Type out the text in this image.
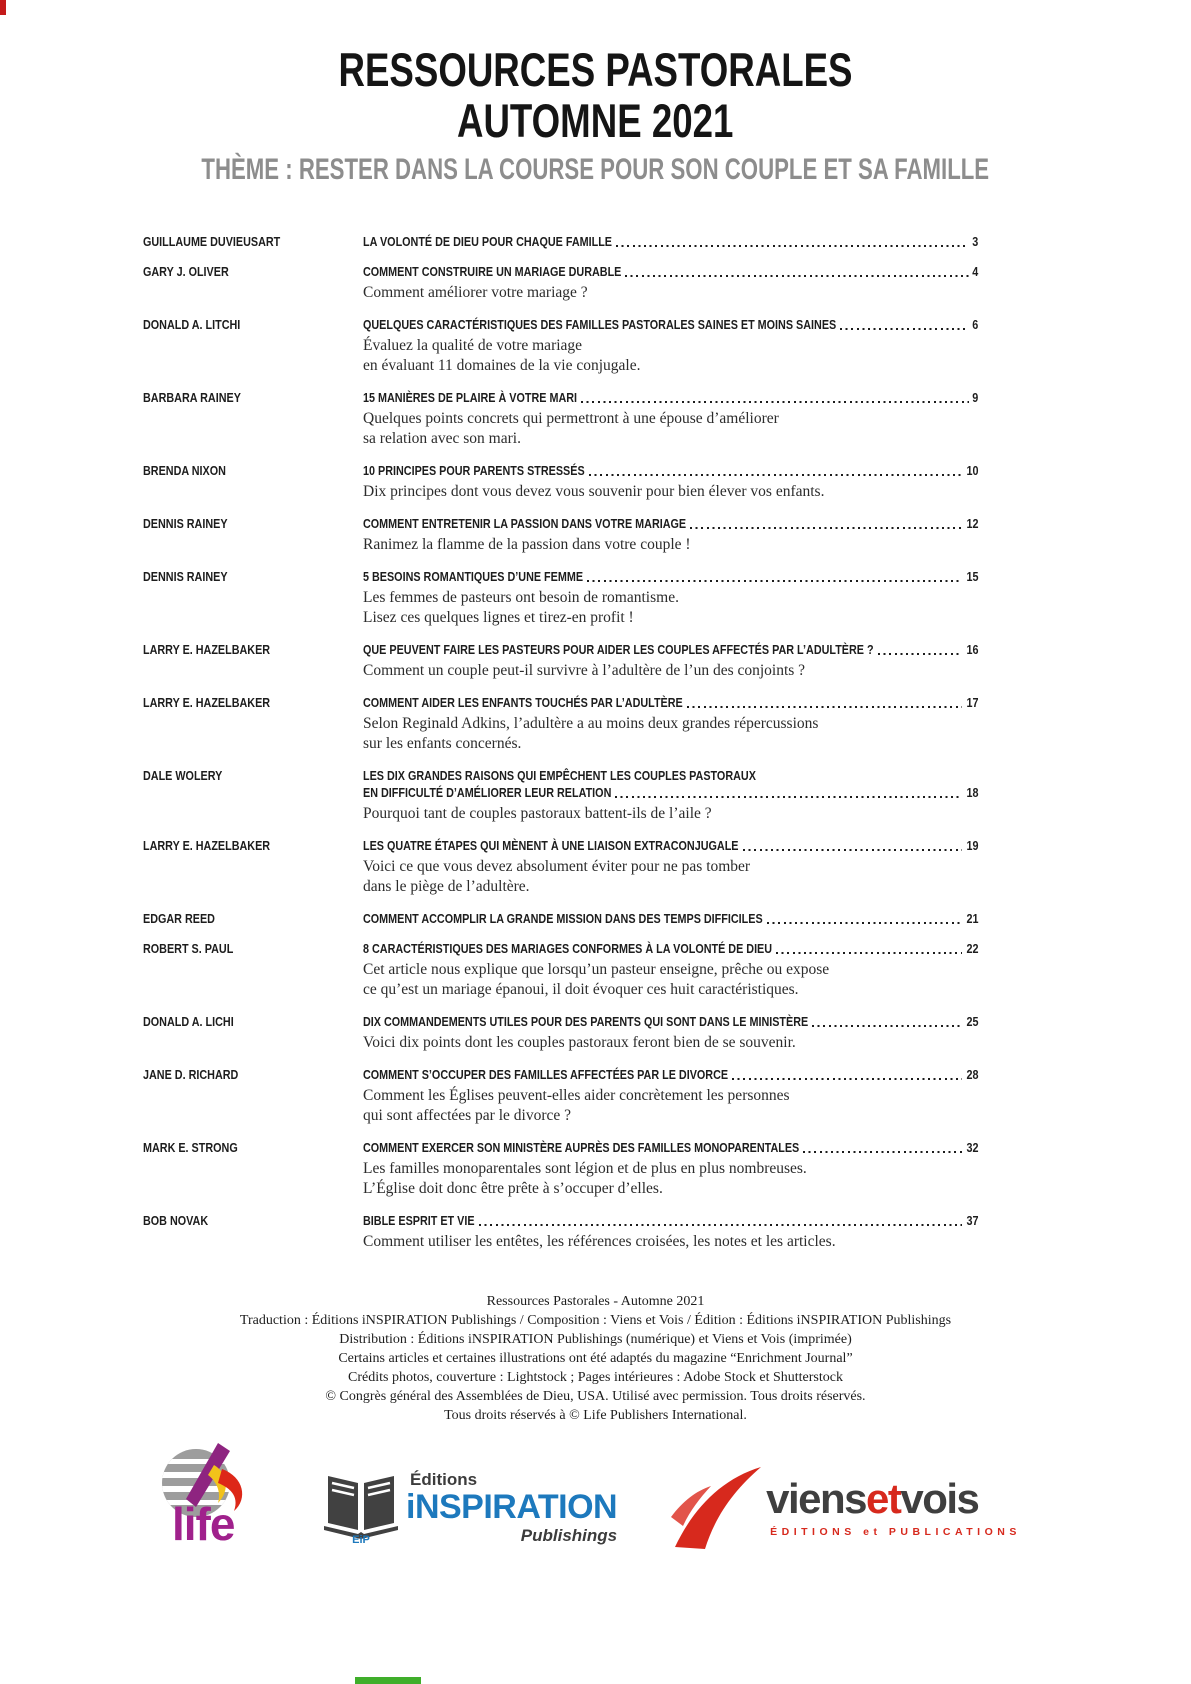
RESSOURCES PASTORALES
AUTOMNE 2021
THÈME : RESTER DANS LA COURSE POUR SON COUPLE ET SA FAMILLE
GUILLAUME DUVIEUSART	LA VOLONTÉ DE DIEU POUR CHAQUE FAMILLE	3
GARY J. OLIVER	COMMENT CONSTRUIRE UN MARIAGE DURABLE	4
Comment améliorer votre mariage ?
DONALD A. LITCHI	QUELQUES CARACTÉRISTIQUES DES FAMILLES PASTORALES SAINES ET MOINS SAINES	6
Évaluez la qualité de votre mariage
en évaluant 11 domaines de la vie conjugale.
BARBARA RAINEY	15 MANIÈRES DE PLAIRE À VOTRE MARI	9
Quelques points concrets qui permettront à une épouse d’améliorer
sa relation avec son mari.
BRENDA NIXON	10 PRINCIPES POUR PARENTS STRESSÉS	10
Dix principes dont vous devez vous souvenir pour bien élever vos enfants.
DENNIS RAINEY	COMMENT ENTRETENIR LA PASSION DANS VOTRE MARIAGE	12
Ranimez la flamme de la passion dans votre couple !
DENNIS RAINEY	5 BESOINS ROMANTIQUES D’UNE FEMME	15
Les femmes de pasteurs ont besoin de romantisme.
Lisez ces quelques lignes et tirez-en profit !
LARRY E. HAZELBAKER	QUE PEUVENT FAIRE LES PASTEURS POUR AIDER LES COUPLES AFFECTÉS PAR L’ADULTÈRE ?	16
Comment un couple peut-il survivre à l’adultère de l’un des conjoints ?
LARRY E. HAZELBAKER	COMMENT AIDER LES ENFANTS TOUCHÉS PAR L’ADULTÈRE	17
Selon Reginald Adkins, l’adultère a au moins deux grandes répercussions
sur les enfants concernés.
DALE WOLERY	LES DIX GRANDES RAISONS QUI EMPÊCHENT LES COUPLES PASTORAUX
EN DIFFICULTÉ D’AMÉLIORER LEUR RELATION	18
Pourquoi tant de couples pastoraux battent-ils de l’aile ?
LARRY E. HAZELBAKER	LES QUATRE ÉTAPES QUI MÈNENT À UNE LIAISON EXTRACONJUGALE	19
Voici ce que vous devez absolument éviter pour ne pas tomber
dans le piège de l’adultère.
EDGAR REED	COMMENT ACCOMPLIR LA GRANDE MISSION DANS DES TEMPS DIFFICILES	21
ROBERT S. PAUL	8 CARACTÉRISTIQUES DES MARIAGES CONFORMES À LA VOLONTÉ DE DIEU	22
Cet article nous explique que lorsqu’un pasteur enseigne, prêche ou expose
ce qu’est un mariage épanoui, il doit évoquer ces huit caractéristiques.
DONALD A. LICHI	DIX COMMANDEMENTS UTILES POUR DES PARENTS QUI SONT DANS LE MINISTÈRE	25
Voici dix points dont les couples pastoraux feront bien de se souvenir.
JANE D. RICHARD	COMMENT S’OCCUPER DES FAMILLES AFFECTÉES PAR LE DIVORCE	28
Comment les Églises peuvent-elles aider concrètement les personnes
qui sont affectées par le divorce ?
MARK E. STRONG	COMMENT EXERCER SON MINISTÈRE AUPRÈS DES FAMILLES MONOPARENTALES	32
Les familles monoparentales sont légion et de plus en plus nombreuses.
L’Église doit donc être prête à s’occuper d’elles.
BOB NOVAK	BIBLE ESPRIT ET VIE	37
Comment utiliser les entêtes, les références croisées, les notes et les articles.
Ressources Pastorales - Automne 2021
Traduction : Éditions iNSPIRATION Publishings / Composition : Viens et Vois / Édition : Éditions iNSPIRATION Publishings
Distribution : Éditions iNSPIRATION Publishings (numérique) et Viens et Vois (imprimée)
Certains articles et certaines illustrations ont été adaptés du magazine “Enrichment Journal”
Crédits photos, couverture : Lightstock ; Pages intérieures : Adobe Stock et Shutterstock
© Congrès général des Assemblées de Dieu, USA. Utilisé avec permission. Tous droits réservés.
Tous droits réservés à © Life Publishers International.
life	EiP
Éditions
iNSPIRATION
Publishings
viensetvois
ÉDITIONS et PUBLICATIONS
